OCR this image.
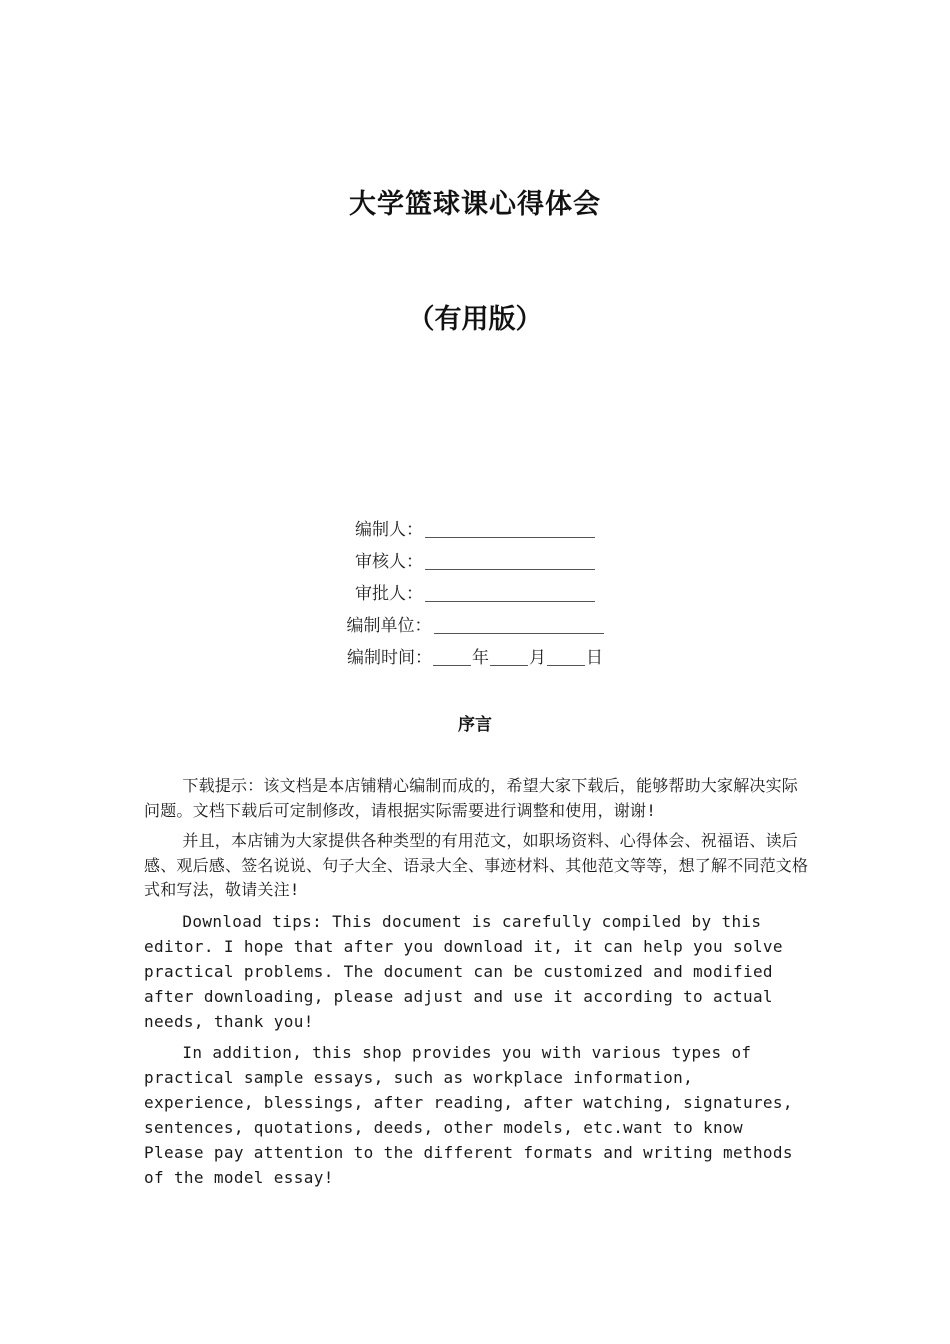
大学篮球课心得体会
（有用版）
编制人：
审核人：
审批人：
编制单位：
编制时间： 年 月 日
序言

下载提示：该文档是本店铺精心编制而成的，希望大家下载后，能够帮助大家解决实际问题。文档下载后可定制修改，请根据实际需要进行调整和使用，谢谢!

并且，本店铺为大家提供各种类型的有用范文，如职场资料、心得体会、祝福语、读后感、观后感、签名说说、句子大全、语录大全、事迹材料、其他范文等等，想了解不同范文格式和写法，敬请关注!

Download tips: This document is carefully compiled by this editor. I hope that after you download it, it can help you solve practical problems. The document can be customized and modified after downloading, please adjust and use it according to actual needs, thank you!

In addition, this shop provides you with various types of practical sample essays, such as workplace information, experience, blessings, after reading, after watching, signatures, sentences, quotations, deeds, other models, etc.want to know Please pay attention to the different formats and writing methods of the model essay!
